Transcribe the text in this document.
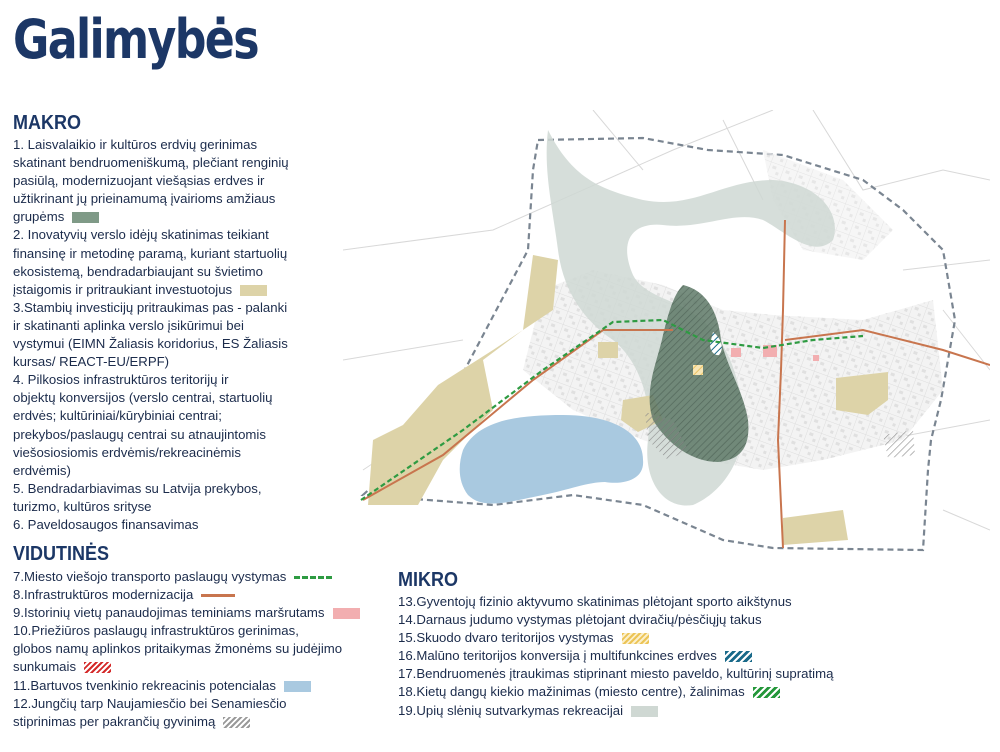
Galimybės
MAKRO
1. Laisvalaikio ir kultūros erdvių gerinimas
skatinant bendruomeniškumą, plečiant renginių
pasiūlą, modernizuojant viešąsias erdves ir
užtikrinant jų prieinamumą įvairioms amžiaus
grupėms
2. Inovatyvių verslo idėjų skatinimas teikiant
finansinę ir metodinę paramą, kuriant startuolių
ekosistemą, bendradarbiaujant su švietimo
įstaigomis ir pritraukiant investuotojus
3.Stambių investicijų pritraukimas pas - palanki
ir skatinanti aplinka verslo įsikūrimui bei
vystymui (EIMN Žaliasis koridorius, ES Žaliasis
kursas/ REACT-EU/ERPF)
4. Pilkosios infrastruktūros teritorijų ir
objektų konversijos (verslo centrai, startuolių
erdvės; kultūriniai/kūrybiniai centrai;
prekybos/paslaugų centrai su atnaujintomis
viešosiosiomis erdvėmis/rekreacinėmis
erdvėmis)
5. Bendradarbiavimas su Latvija prekybos,
turizmo, kultūros srityse
6. Paveldosaugos finansavimas
VIDUTINĖS
7.Miesto viešojo transporto paslaugų vystymas
8.Infrastruktūros modernizacija
9.Istorinių vietų panaudojimas teminiams maršrutams
10.Priežiūros paslaugų infrastruktūros gerinimas,
globos namų aplinkos pritaikymas žmonėms su judėjimo
sunkumais
11.Bartuvos tvenkinio rekreacinis potencialas
12.Jungčių tarp Naujamiesčio bei Senamiesčio
stiprinimas per pakrančių gyvinimą
MIKRO
13.Gyventojų fizinio aktyvumo skatinimas plėtojant sporto aikštynus
14.Darnaus judumo vystymas plėtojant dviračių/pėsčiųjų takus
15.Skuodo dvaro teritorijos vystymas
16.Malūno teritorijos konversija į multifunkcines erdves
17.Bendruomenės įtraukimas stiprinant miesto paveldo, kultūrinį supratimą
18.Kietų dangų kiekio mažinimas (miesto centre), žalinimas
19.Upių slėnių sutvarkymas rekreacijai
